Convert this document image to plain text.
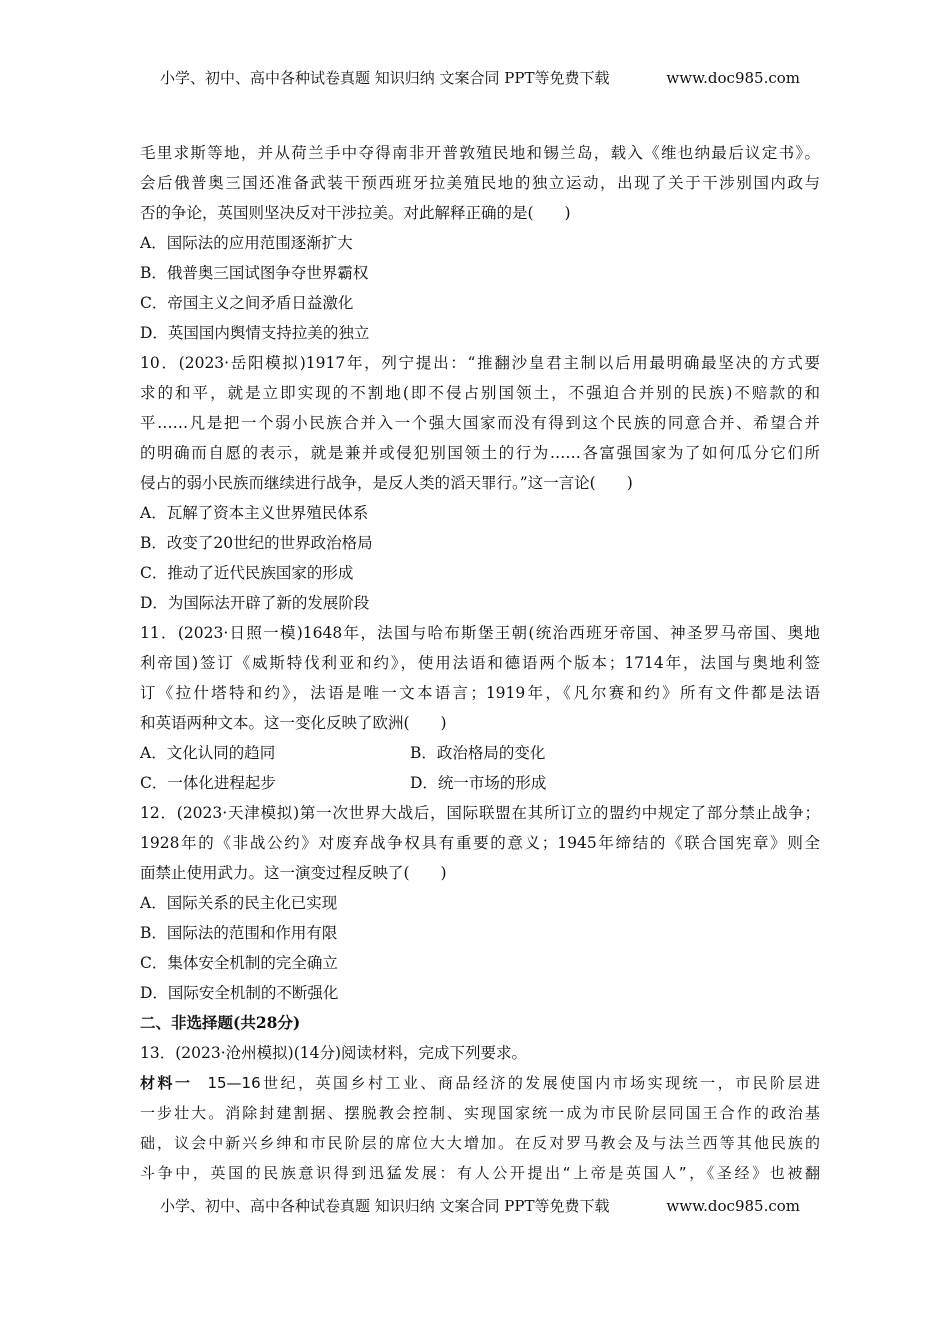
小学、初中、高中各种试卷真题 知识归纳 文案合同 PPT等免费下载	www.doc985.com
毛里求斯等地，并从荷兰手中夺得南非开普敦殖民地和锡兰岛，载入《维也纳最后议定书》。
会后俄普奥三国还准备武装干预西班牙拉美殖民地的独立运动，出现了关于干涉别国内政与
否的争论，英国则坚决反对干涉拉美。对此解释正确的是(　　)
A．国际法的应用范围逐渐扩大
B．俄普奥三国试图争夺世界霸权
C．帝国主义之间矛盾日益激化
D．英国国内舆情支持拉美的独立
10．(2023·岳阳模拟)1917年，列宁提出：“推翻沙皇君主制以后用最明确最坚决的方式要
求的和平，就是立即实现的不割地(即不侵占别国领土，不强迫合并别的民族)不赔款的和
平……凡是把一个弱小民族合并入一个强大国家而没有得到这个民族的同意合并、希望合并
的明确而自愿的表示，就是兼并或侵犯别国领土的行为……各富强国家为了如何瓜分它们所
侵占的弱小民族而继续进行战争，是反人类的滔天罪行。”这一言论(　　)
A．瓦解了资本主义世界殖民体系
B．改变了20世纪的世界政治格局
C．推动了近代民族国家的形成
D．为国际法开辟了新的发展阶段
11．(2023·日照一模)1648年，法国与哈布斯堡王朝(统治西班牙帝国、神圣罗马帝国、奥地
利帝国)签订《威斯特伐利亚和约》，使用法语和德语两个版本；1714年，法国与奥地利签
订《拉什塔特和约》，法语是唯一文本语言；1919年，《凡尔赛和约》所有文件都是法语
和英语两种文本。这一变化反映了欧洲(　　)
A．文化认同的趋同	B．政治格局的变化
C．一体化进程起步	D．统一市场的形成
12．(2023·天津模拟)第一次世界大战后，国际联盟在其所订立的盟约中规定了部分禁止战争；
1928年的《非战公约》对废弃战争权具有重要的意义；1945年缔结的《联合国宪章》则全
面禁止使用武力。这一演变过程反映了(　　)
A．国际关系的民主化已实现
B．国际法的范围和作用有限
C．集体安全机制的完全确立
D．国际安全机制的不断强化
二、非选择题(共28分)
13．(2023·沧州模拟)(14分)阅读材料，完成下列要求。
材料一  15—16世纪，英国乡村工业、商品经济的发展使国内市场实现统一，市民阶层进
一步壮大。消除封建割据、摆脱教会控制、实现国家统一成为市民阶层同国王合作的政治基
础，议会中新兴乡绅和市民阶层的席位大大增加。在反对罗马教会及与法兰西等其他民族的
斗争中，英国的民族意识得到迅猛发展：有人公开提出“上帝是英国人”，《圣经》也被翻
小学、初中、高中各种试卷真题 知识归纳 文案合同 PPT等免费下载	www.doc985.com
